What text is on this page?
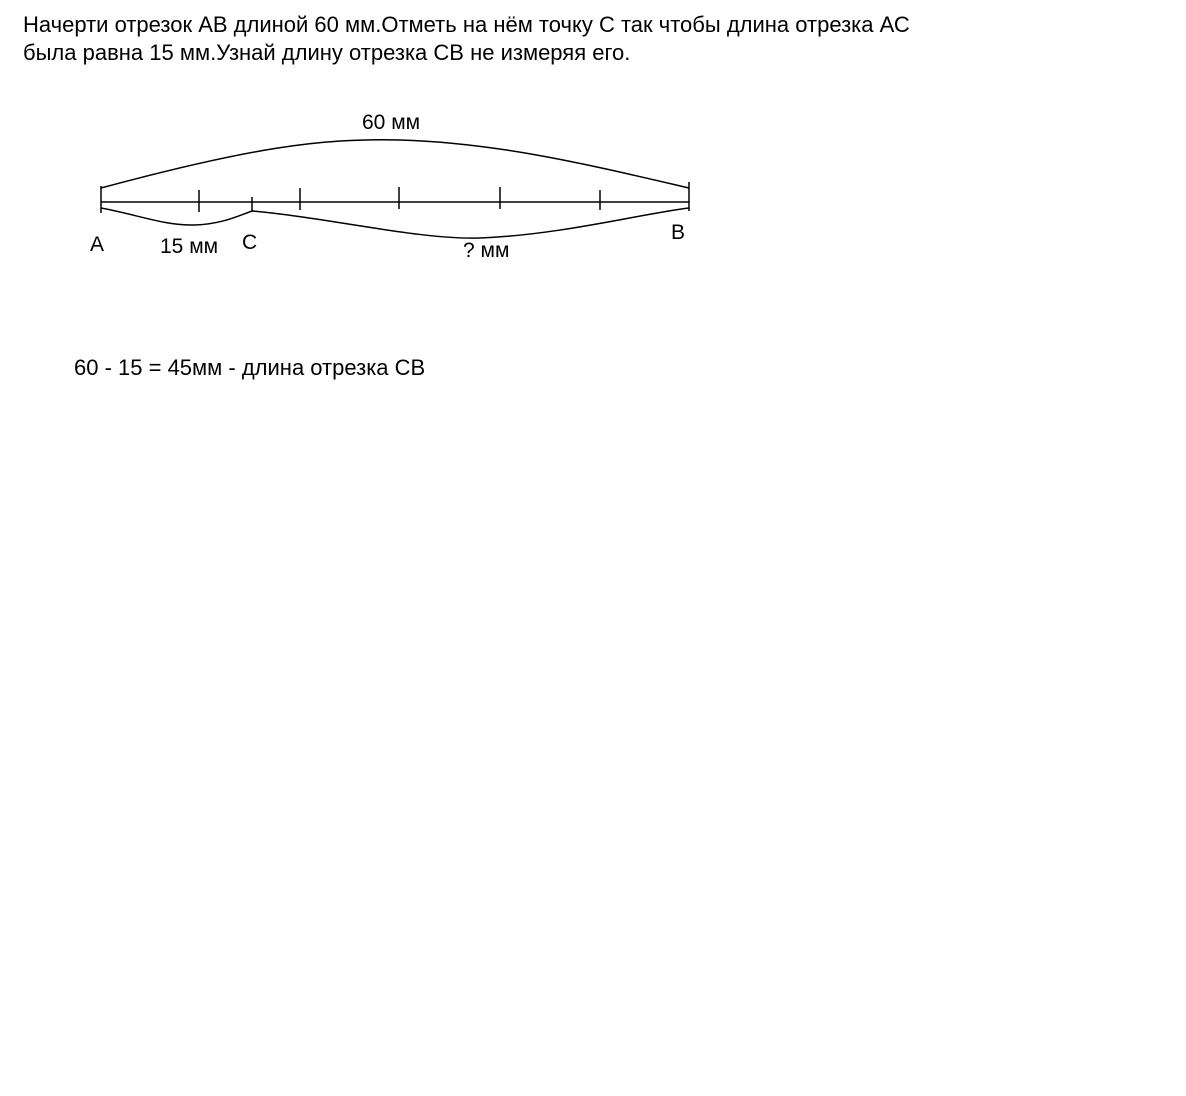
Начерти отрезок АВ длиной 60 мм.Отметь на нём точку С так чтобы длина отрезка АС
была равна 15 мм.Узнай длину отрезка СВ не измеряя его.
60 мм
15 мм	? мм
А	С	В
60 - 15 = 45мм - длина отрезка СВ
